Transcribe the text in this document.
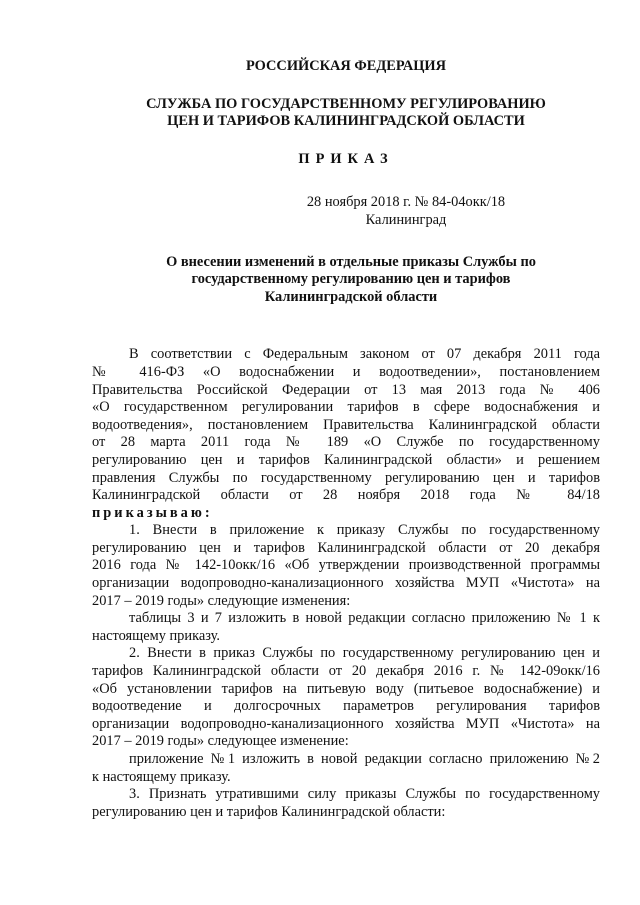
РОССИЙСКАЯ ФЕДЕРАЦИЯ
СЛУЖБА ПО ГОСУДАРСТВЕННОМУ РЕГУЛИРОВАНИЮ
ЦЕН И ТАРИФОВ КАЛИНИНГРАДСКОЙ ОБЛАСТИ
ПРИКАЗ
28 ноября 2018 г. № 84-04окк/18
Калининград
О внесении изменений в отдельные приказы Службы по
государственному регулированию цен и тарифов
Калининградской области
В соответствии с Федеральным законом от 07 декабря 2011 года
№ 416-ФЗ «О водоснабжении и водоотведении», постановлением
Правительства Российской Федерации от 13 мая 2013 года № 406
«О государственном регулировании тарифов в сфере водоснабжения и
водоотведения», постановлением Правительства Калининградской области
от 28 марта 2011 года № 189 «О Службе по государственному
регулированию цен и тарифов Калининградской области» и решением
правления Службы по государственному регулированию цен и тарифов
Калининградской области от 28 ноября 2018 года № 84/18
приказываю:
1. Внести в приложение к приказу Службы по государственному
регулированию цен и тарифов Калининградской области от 20 декабря
2016 года № 142-10окк/16 «Об утверждении производственной программы
организации водопроводно-канализационного хозяйства МУП «Чистота» на
2017 – 2019 годы» следующие изменения:
таблицы 3 и 7 изложить в новой редакции согласно приложению № 1 к
настоящему приказу.
2. Внести в приказ Службы по государственному регулированию цен и
тарифов Калининградской области от 20 декабря 2016 г. № 142-09окк/16
«Об установлении тарифов на питьевую воду (питьевое водоснабжение) и
водоотведение и долгосрочных параметров регулирования тарифов
организации водопроводно-канализационного хозяйства МУП «Чистота» на
2017 – 2019 годы» следующее изменение:
приложение №1 изложить в новой редакции согласно приложению №2
к настоящему приказу.
3. Признать утратившими силу приказы Службы по государственному
регулированию цен и тарифов Калининградской области:
